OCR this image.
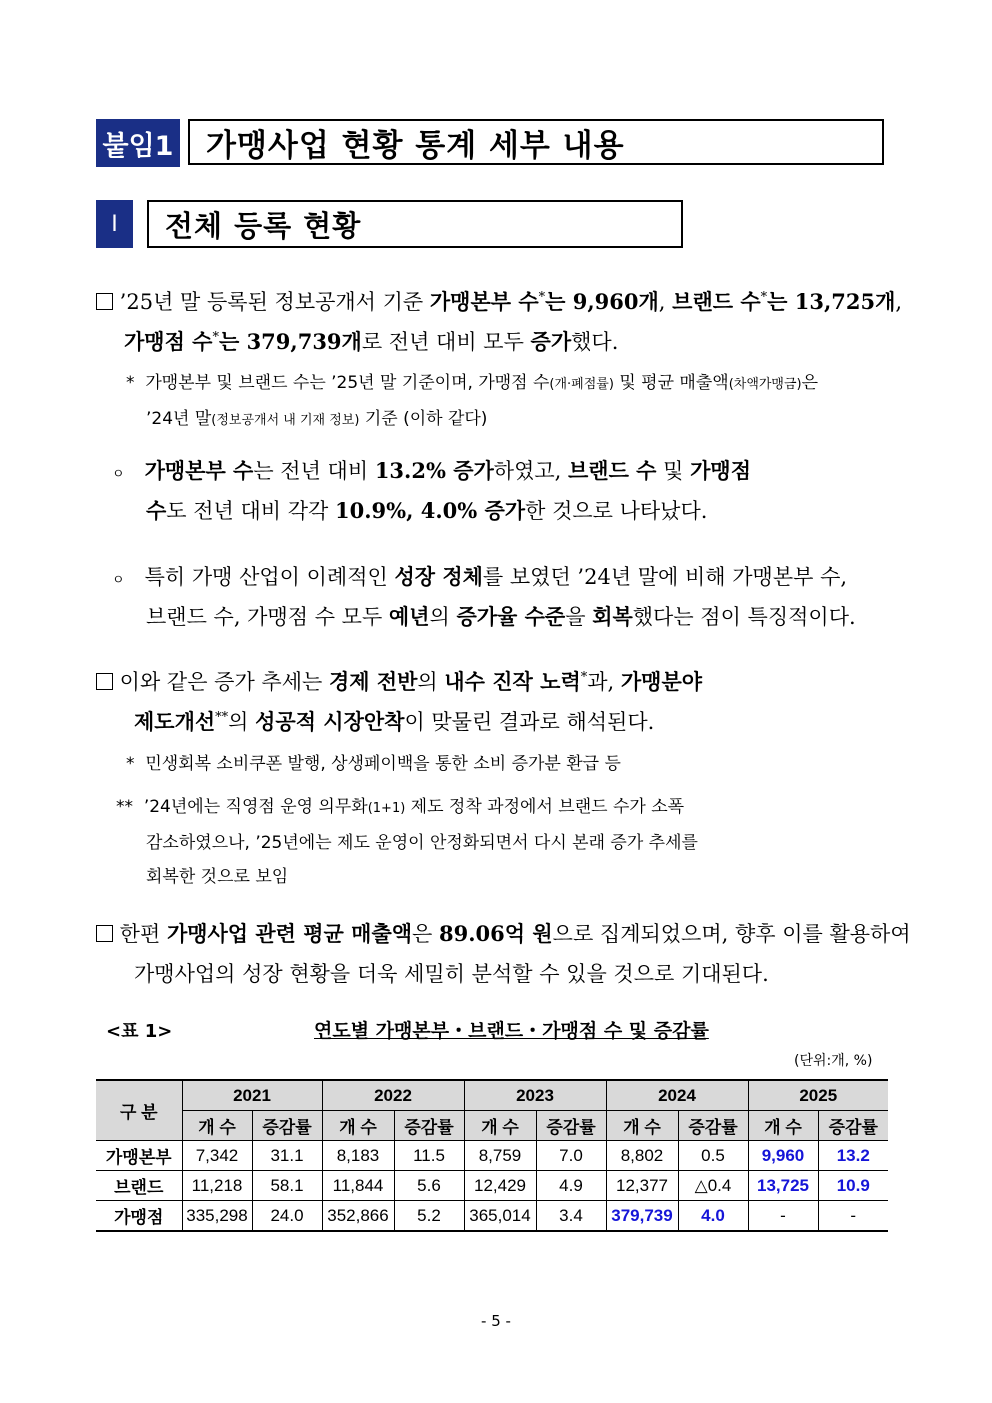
붙임1 가맹사업 현황 통계 세부 내용
Ⅰ	전체 등록 현황
’25년 말 등록된 정보공개서 기준 가맹본부 수*는 9,960개, 브랜드 수*는 13,725개,
가맹점 수*는 379,739개로 전년 대비 모두 증가했다.
* 가맹본부 및 브랜드 수는 ’25년 말 기준이며, 가맹점 수(개·폐점률) 및 평균 매출액(차액가맹금)은
’24년 말(정보공개서 내 기재 정보) 기준 (이하 같다)
ㅇ 가맹본부 수는 전년 대비 13.2% 증가하였고, 브랜드 수 및 가맹점
수도 전년 대비 각각 10.9%, 4.0% 증가한 것으로 나타났다.
ㅇ 특히 가맹 산업이 이례적인 성장 정체를 보였던 ’24년 말에 비해 가맹본부 수,
브랜드 수, 가맹점 수 모두 예년의 증가율 수준을 회복했다는 점이 특징적이다.
이와 같은 증가 추세는 경제 전반의 내수 진작 노력*과, 가맹분야
제도개선**의 성공적 시장안착이 맞물린 결과로 해석된다.
* 민생회복 소비쿠폰 발행, 상생페이백을 통한 소비 증가분 환급 등
** ’24년에는 직영점 운영 의무화(1+1) 제도 정착 과정에서 브랜드 수가 소폭
감소하였으나, ’25년에는 제도 운영이 안정화되면서 다시 본래 증가 추세를
회복한 것으로 보임
한편 가맹사업 관련 평균 매출액은 89.06억 원으로 집계되었으며, 향후 이를 활용하여
가맹사업의 성장 현황을 더욱 세밀히 분석할 수 있을 것으로 기대된다.
<표 1>	연도별 가맹본부・브랜드・가맹점 수 및 증감률
(단위:개, %)
구 분	2021		2022		2023		2024		2025	
	개 수	증감률	개 수	증감률	개 수	증감률	개 수	증감률	개 수	증감률
가맹본부	7,342	31.1	8,183	11.5	8,759	7.0	8,802	0.5	9,960	13.2
브랜드	11,218	58.1	11,844	5.6	12,429	4.9	12,377	△0.4	13,725	10.9
가맹점	335,298	24.0	352,866	5.2	365,014	3.4	379,739	4.0	-	-
- 5 -
